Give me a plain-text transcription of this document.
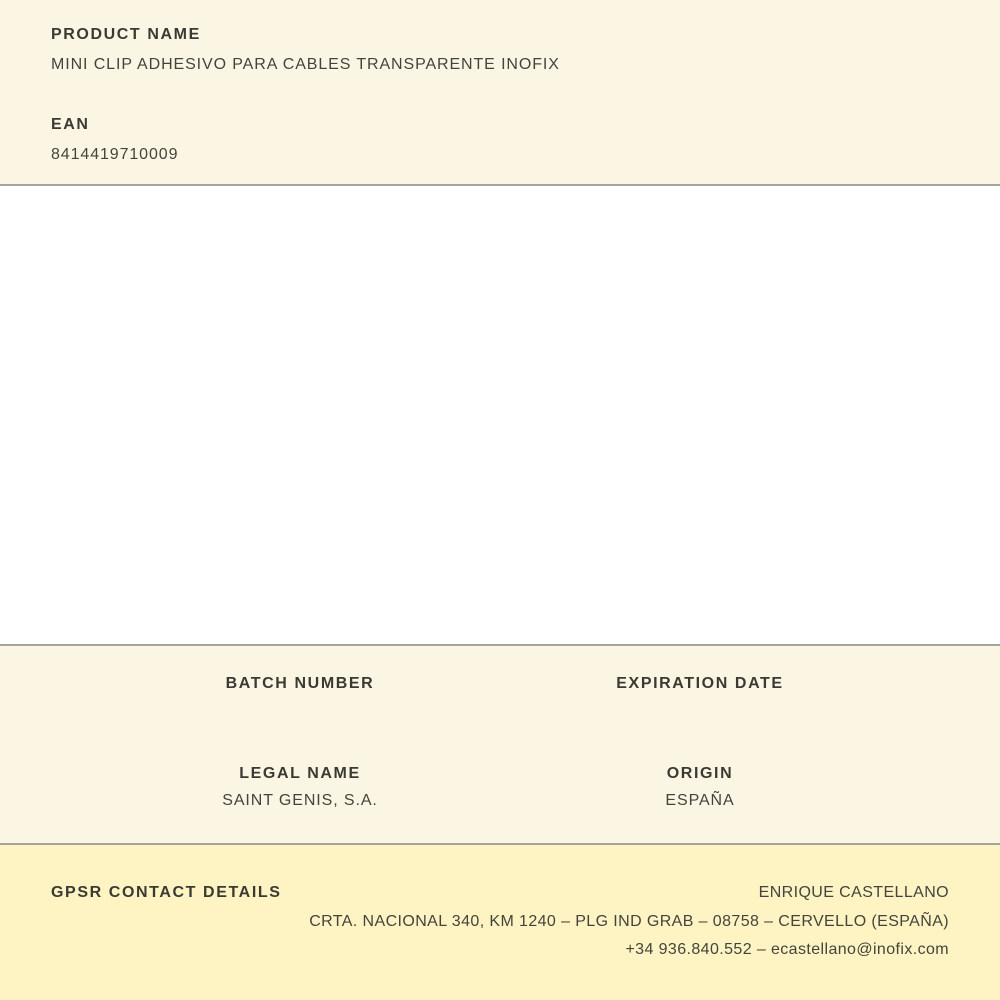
PRODUCT NAME
MINI CLIP ADHESIVO PARA CABLES TRANSPARENTE INOFIX
EAN
8414419710009
BATCH NUMBER	EXPIRATION DATE
LEGAL NAME
SAINT GENIS, S.A.
ORIGIN
ESPAÑA
GPSR CONTACT DETAILS	ENRIQUE CASTELLANO
CRTA. NACIONAL 340, KM 1240 – PLG IND GRAB – 08758 – CERVELLO (ESPAÑA)
+34 936.840.552 – ecastellano@inofix.com
